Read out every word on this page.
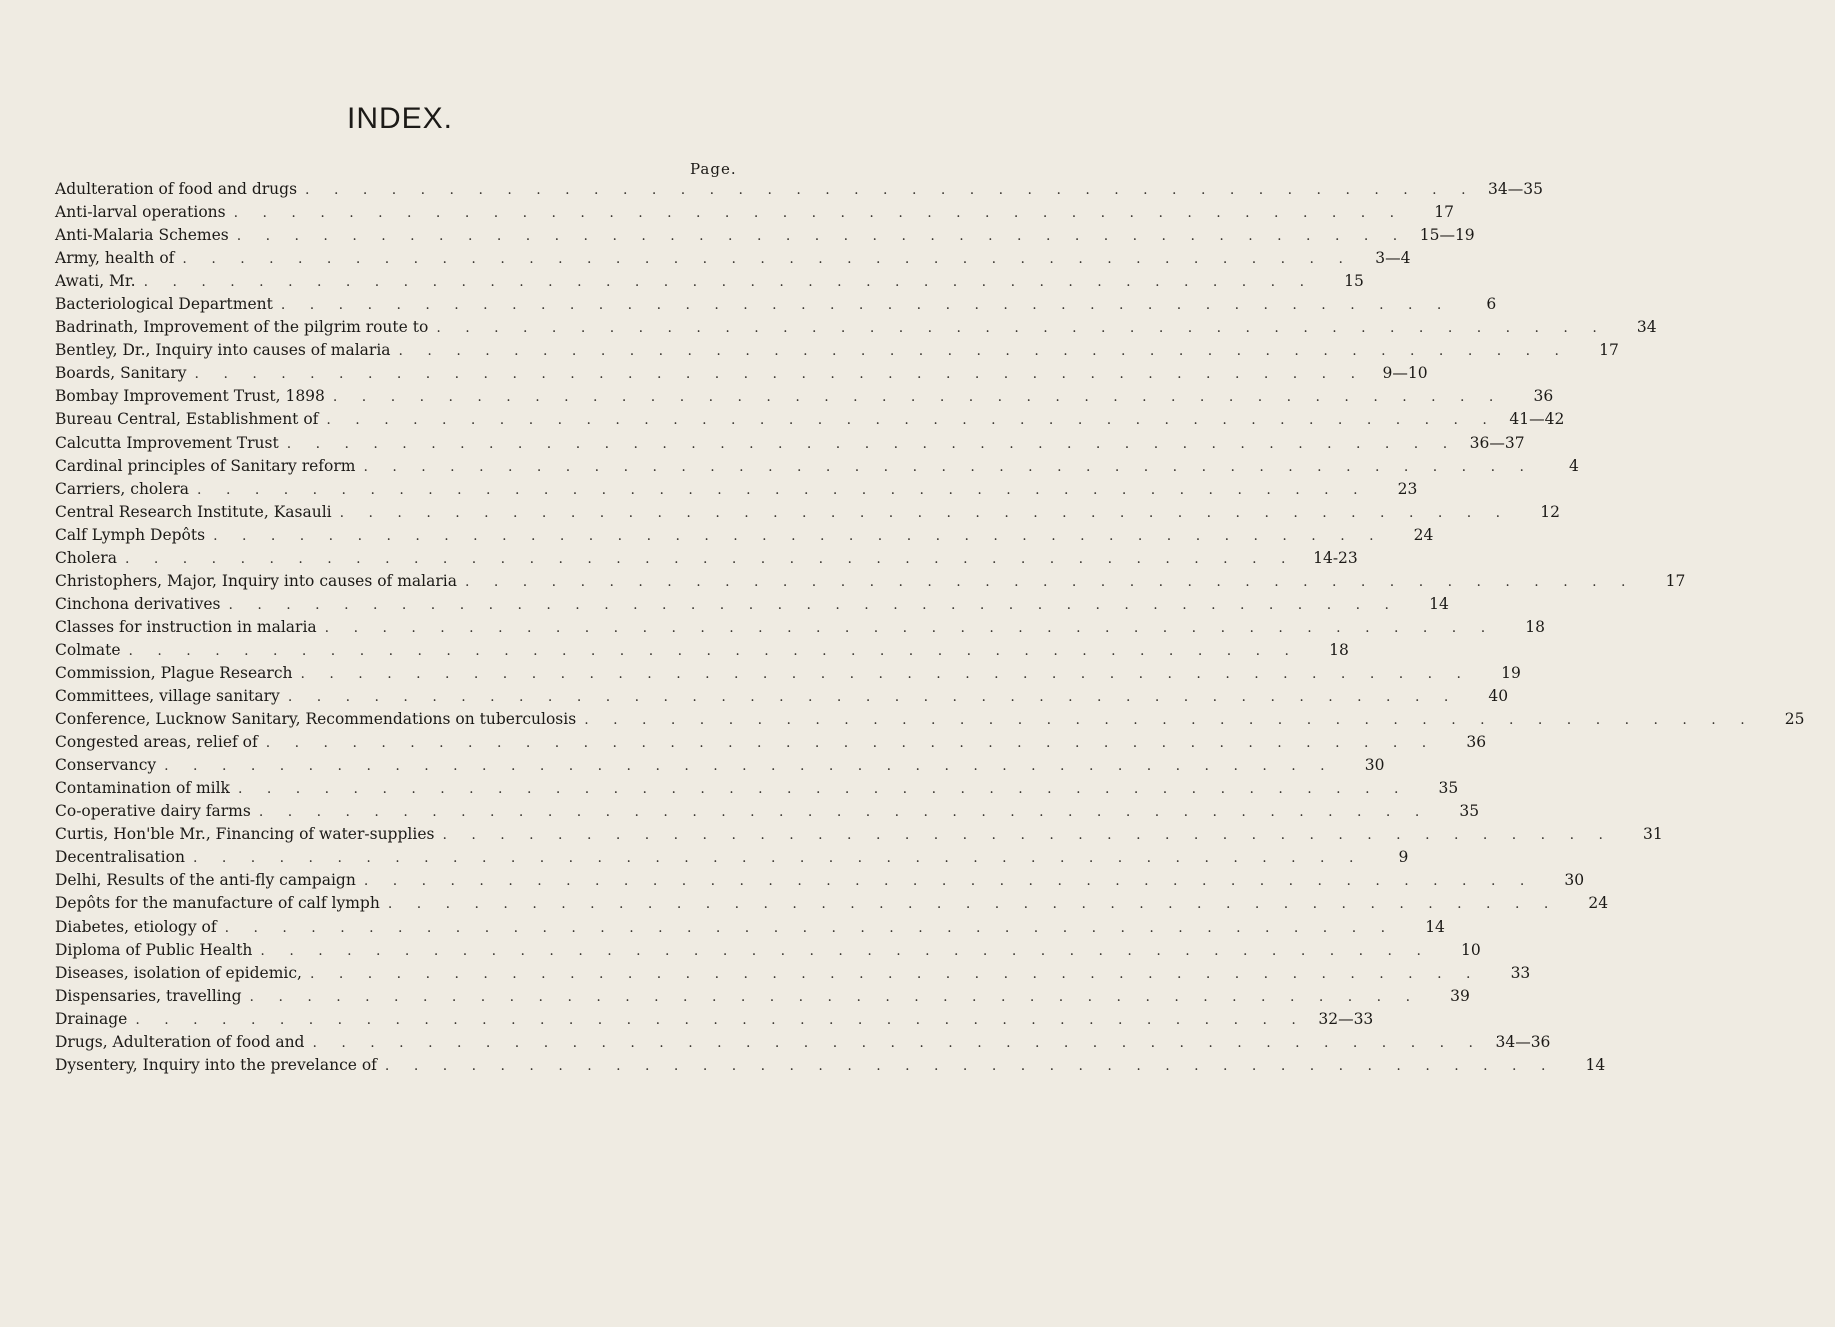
INDEX.
Page.
Adulteration of food and drugs . . . . . . . . . . . . . . . . . . . . . . . . . . . . . . . . . . . . . . . . . 34—35
Anti-larval operations . . . . . . . . . . . . . . . . . . . . . . . . . . . . . . . . . . . . . . . . .	17
Anti-Malaria Schemes . . . . . . . . . . . . . . . . . . . . . . . . . . . . . . . . . . . . . . . . . 15—19
Army, health of . . . . . . . . . . . . . . . . . . . . . . . . . . . . . . . . . . . . . . . . .	3—4
Awati, Mr. . . . . . . . . . . . . . . . . . . . . . . . . . . . . . . . . . . . . . . . . .	15
Bacteriological Department . . . . . . . . . . . . . . . . . . . . . . . . . . . . . . . . . . . . . . . . .	6
Badrinath, Improvement of the pilgrim route to . . . . . . . . . . . . . . . . . . . . . . . . . . . . . . . . . . . . . . . . .	34
Bentley, Dr., Inquiry into causes of malaria . . . . . . . . . . . . . . . . . . . . . . . . . . . . . . . . . . . . . . . . .	17
Boards, Sanitary . . . . . . . . . . . . . . . . . . . . . . . . . . . . . . . . . . . . . . . . .	9—10
Bombay Improvement Trust, 1898 . . . . . . . . . . . . . . . . . . . . . . . . . . . . . . . . . . . . . . . . .	36
Bureau Central, Establishment of . . . . . . . . . . . . . . . . . . . . . . . . . . . . . . . . . . . . . . . . . 41—42
Calcutta Improvement Trust . . . . . . . . . . . . . . . . . . . . . . . . . . . . . . . . . . . . . . . . . 36—37
Cardinal principles of Sanitary reform . . . . . . . . . . . . . . . . . . . . . . . . . . . . . . . . . . . . . . . . .	4
Carriers, cholera . . . . . . . . . . . . . . . . . . . . . . . . . . . . . . . . . . . . . . . . .	23
Central Research Institute, Kasauli . . . . . . . . . . . . . . . . . . . . . . . . . . . . . . . . . . . . . . . . .	12
Calf Lymph Depôts . . . . . . . . . . . . . . . . . . . . . . . . . . . . . . . . . . . . . . . . .	24
Cholera . . . . . . . . . . . . . . . . . . . . . . . . . . . . . . . . . . . . . . . . .	14-23
Christophers, Major, Inquiry into causes of malaria . . . . . . . . . . . . . . . . . . . . . . . . . . . . . . . . . . . . . . . . .	17
Cinchona derivatives . . . . . . . . . . . . . . . . . . . . . . . . . . . . . . . . . . . . . . . . .	14
Classes for instruction in malaria . . . . . . . . . . . . . . . . . . . . . . . . . . . . . . . . . . . . . . . . .	18
Colmate . . . . . . . . . . . . . . . . . . . . . . . . . . . . . . . . . . . . . . . . .	18
Commission, Plague Research . . . . . . . . . . . . . . . . . . . . . . . . . . . . . . . . . . . . . . . . .	19
Committees, village sanitary . . . . . . . . . . . . . . . . . . . . . . . . . . . . . . . . . . . . . . . . .	40
Conference, Lucknow Sanitary, Recommendations on tuberculosis . . . . . . . . . . . . . . . . . . . . . . . . . . . . . . . . . . . . . . . . .	25
Congested areas, relief of . . . . . . . . . . . . . . . . . . . . . . . . . . . . . . . . . . . . . . . . .	36
Conservancy . . . . . . . . . . . . . . . . . . . . . . . . . . . . . . . . . . . . . . . . .	30
Contamination of milk . . . . . . . . . . . . . . . . . . . . . . . . . . . . . . . . . . . . . . . . .	35
Co-operative dairy farms . . . . . . . . . . . . . . . . . . . . . . . . . . . . . . . . . . . . . . . . .	35
Curtis, Hon'ble Mr., Financing of water-supplies . . . . . . . . . . . . . . . . . . . . . . . . . . . . . . . . . . . . . . . . .	31
Decentralisation . . . . . . . . . . . . . . . . . . . . . . . . . . . . . . . . . . . . . . . . .	9
Delhi, Results of the anti-fly campaign . . . . . . . . . . . . . . . . . . . . . . . . . . . . . . . . . . . . . . . . .	30
Depôts for the manufacture of calf lymph . . . . . . . . . . . . . . . . . . . . . . . . . . . . . . . . . . . . . . . . .	24
Diabetes, etiology of . . . . . . . . . . . . . . . . . . . . . . . . . . . . . . . . . . . . . . . . .	14
Diploma of Public Health . . . . . . . . . . . . . . . . . . . . . . . . . . . . . . . . . . . . . . . . .	10
Diseases, isolation of epidemic, . . . . . . . . . . . . . . . . . . . . . . . . . . . . . . . . . . . . . . . . .	33
Dispensaries, travelling . . . . . . . . . . . . . . . . . . . . . . . . . . . . . . . . . . . . . . . . .	39
Drainage . . . . . . . . . . . . . . . . . . . . . . . . . . . . . . . . . . . . . . . . . 32—33
Drugs, Adulteration of food and . . . . . . . . . . . . . . . . . . . . . . . . . . . . . . . . . . . . . . . . . 34—36
Dysentery, Inquiry into the prevelance of . . . . . . . . . . . . . . . . . . . . . . . . . . . . . . . . . . . . . . . . .	14
